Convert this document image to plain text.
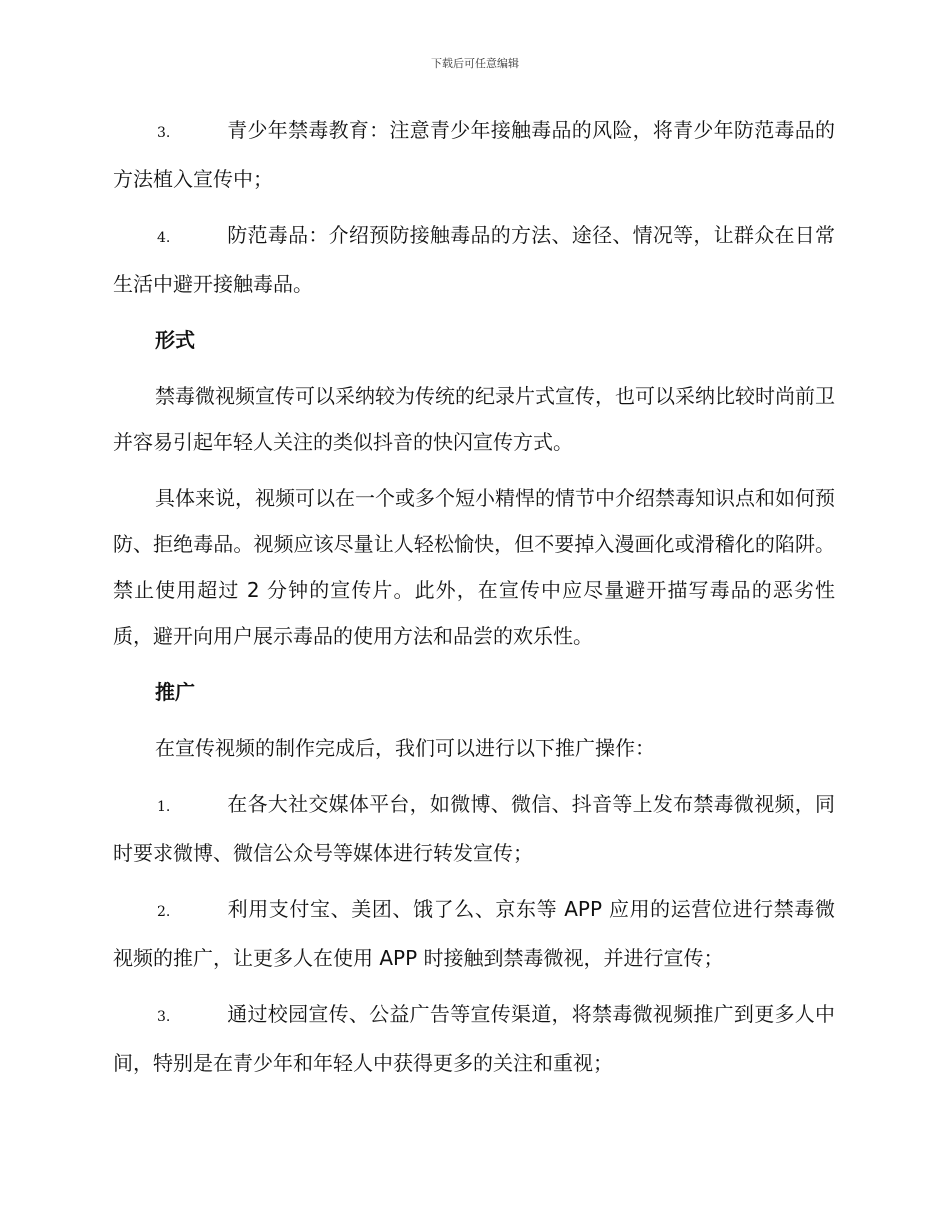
下载后可任意编辑

3.	青少年禁毒教育：注意青少年接触毒品的风险，将青少年防范毒品的方法植入宣传中；

4.	防范毒品：介绍预防接触毒品的方法、途径、情况等，让群众在日常生活中避开接触毒品。

形式

禁毒微视频宣传可以采纳较为传统的纪录片式宣传，也可以采纳比较时尚前卫并容易引起年轻人关注的类似抖音的快闪宣传方式。

具体来说，视频可以在一个或多个短小精悍的情节中介绍禁毒知识点和如何预防、拒绝毒品。视频应该尽量让人轻松愉快，但不要掉入漫画化或滑稽化的陷阱。禁止使用超过 2 分钟的宣传片。此外，在宣传中应尽量避开描写毒品的恶劣性质，避开向用户展示毒品的使用方法和品尝的欢乐性。

推广

在宣传视频的制作完成后，我们可以进行以下推广操作：

1.	在各大社交媒体平台，如微博、微信、抖音等上发布禁毒微视频，同时要求微博、微信公众号等媒体进行转发宣传；

2.	利用支付宝、美团、饿了么、京东等 APP 应用的运营位进行禁毒微视频的推广，让更多人在使用 APP 时接触到禁毒微视，并进行宣传；

3.	通过校园宣传、公益广告等宣传渠道，将禁毒微视频推广到更多人中间，特别是在青少年和年轻人中获得更多的关注和重视；
